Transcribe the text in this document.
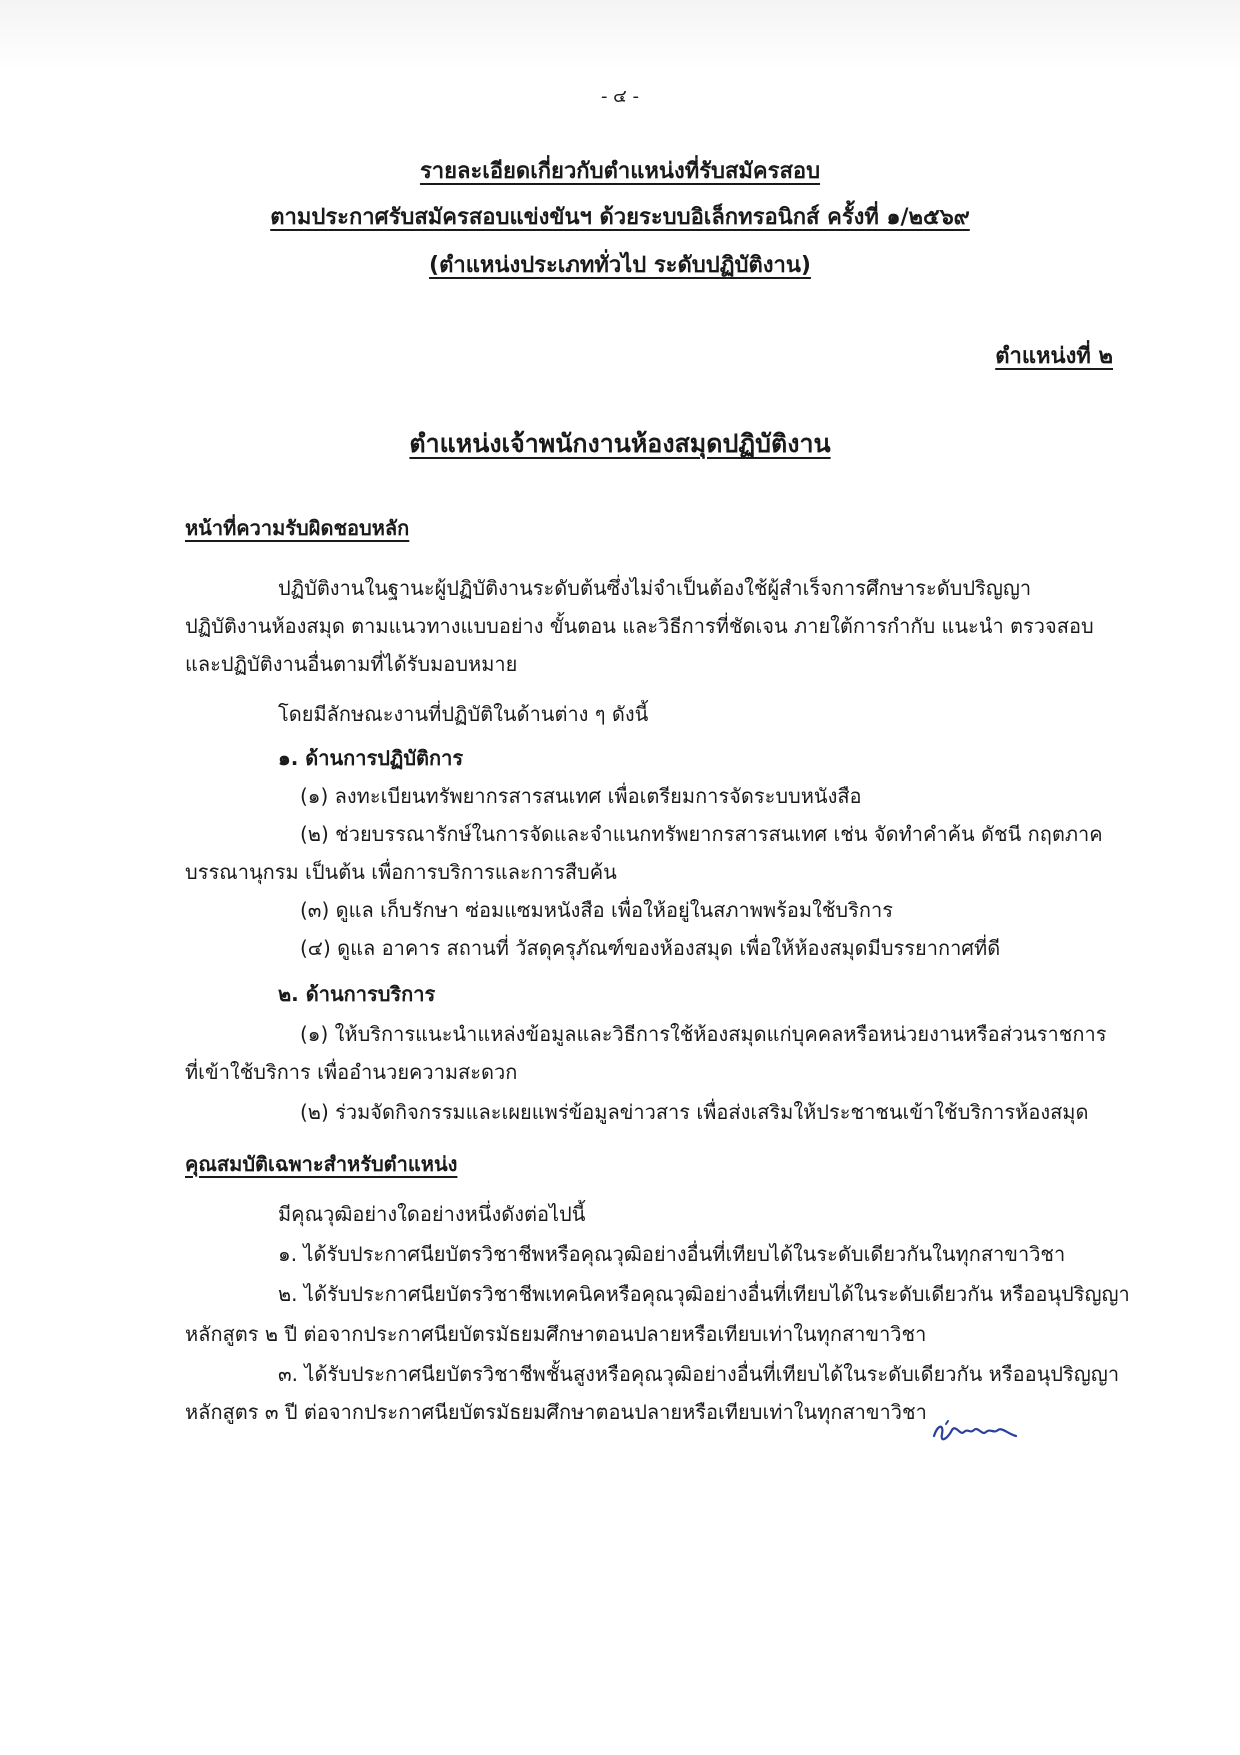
- ๔ -
รายละเอียดเกี่ยวกับตำแหน่งที่รับสมัครสอบ
ตามประกาศรับสมัครสอบแข่งขันฯ ด้วยระบบอิเล็กทรอนิกส์ ครั้งที่ ๑/๒๕๖๙
(ตำแหน่งประเภททั่วไป ระดับปฏิบัติงาน)
ตำแหน่งที่ ๒
ตำแหน่งเจ้าพนักงานห้องสมุดปฏิบัติงาน
หน้าที่ความรับผิดชอบหลัก
ปฏิบัติงานในฐานะผู้ปฏิบัติงานระดับต้นซึ่งไม่จำเป็นต้องใช้ผู้สำเร็จการศึกษาระดับปริญญา
ปฏิบัติงานห้องสมุด ตามแนวทางแบบอย่าง ขั้นตอน และวิธีการที่ชัดเจน ภายใต้การกำกับ แนะนำ ตรวจสอบ
และปฏิบัติงานอื่นตามที่ได้รับมอบหมาย
โดยมีลักษณะงานที่ปฏิบัติในด้านต่าง ๆ ดังนี้
๑. ด้านการปฏิบัติการ
(๑) ลงทะเบียนทรัพยากรสารสนเทศ เพื่อเตรียมการจัดระบบหนังสือ
(๒) ช่วยบรรณารักษ์ในการจัดและจำแนกทรัพยากรสารสนเทศ เช่น จัดทำคำค้น ดัชนี กฤตภาค
บรรณานุกรม เป็นต้น เพื่อการบริการและการสืบค้น
(๓) ดูแล เก็บรักษา ซ่อมแซมหนังสือ เพื่อให้อยู่ในสภาพพร้อมใช้บริการ
(๔) ดูแล อาคาร สถานที่ วัสดุครุภัณฑ์ของห้องสมุด เพื่อให้ห้องสมุดมีบรรยากาศที่ดี
๒. ด้านการบริการ
(๑) ให้บริการแนะนำแหล่งข้อมูลและวิธีการใช้ห้องสมุดแก่บุคคลหรือหน่วยงานหรือส่วนราชการ
ที่เข้าใช้บริการ เพื่ออำนวยความสะดวก
(๒) ร่วมจัดกิจกรรมและเผยแพร่ข้อมูลข่าวสาร เพื่อส่งเสริมให้ประชาชนเข้าใช้บริการห้องสมุด
คุณสมบัติเฉพาะสำหรับตำแหน่ง
มีคุณวุฒิอย่างใดอย่างหนึ่งดังต่อไปนี้
๑. ได้รับประกาศนียบัตรวิชาชีพหรือคุณวุฒิอย่างอื่นที่เทียบได้ในระดับเดียวกันในทุกสาขาวิชา
๒. ได้รับประกาศนียบัตรวิชาชีพเทคนิคหรือคุณวุฒิอย่างอื่นที่เทียบได้ในระดับเดียวกัน หรืออนุปริญญา
หลักสูตร ๒ ปี ต่อจากประกาศนียบัตรมัธยมศึกษาตอนปลายหรือเทียบเท่าในทุกสาขาวิชา
๓. ได้รับประกาศนียบัตรวิชาชีพชั้นสูงหรือคุณวุฒิอย่างอื่นที่เทียบได้ในระดับเดียวกัน หรืออนุปริญญา
หลักสูตร ๓ ปี ต่อจากประกาศนียบัตรมัธยมศึกษาตอนปลายหรือเทียบเท่าในทุกสาขาวิชา
